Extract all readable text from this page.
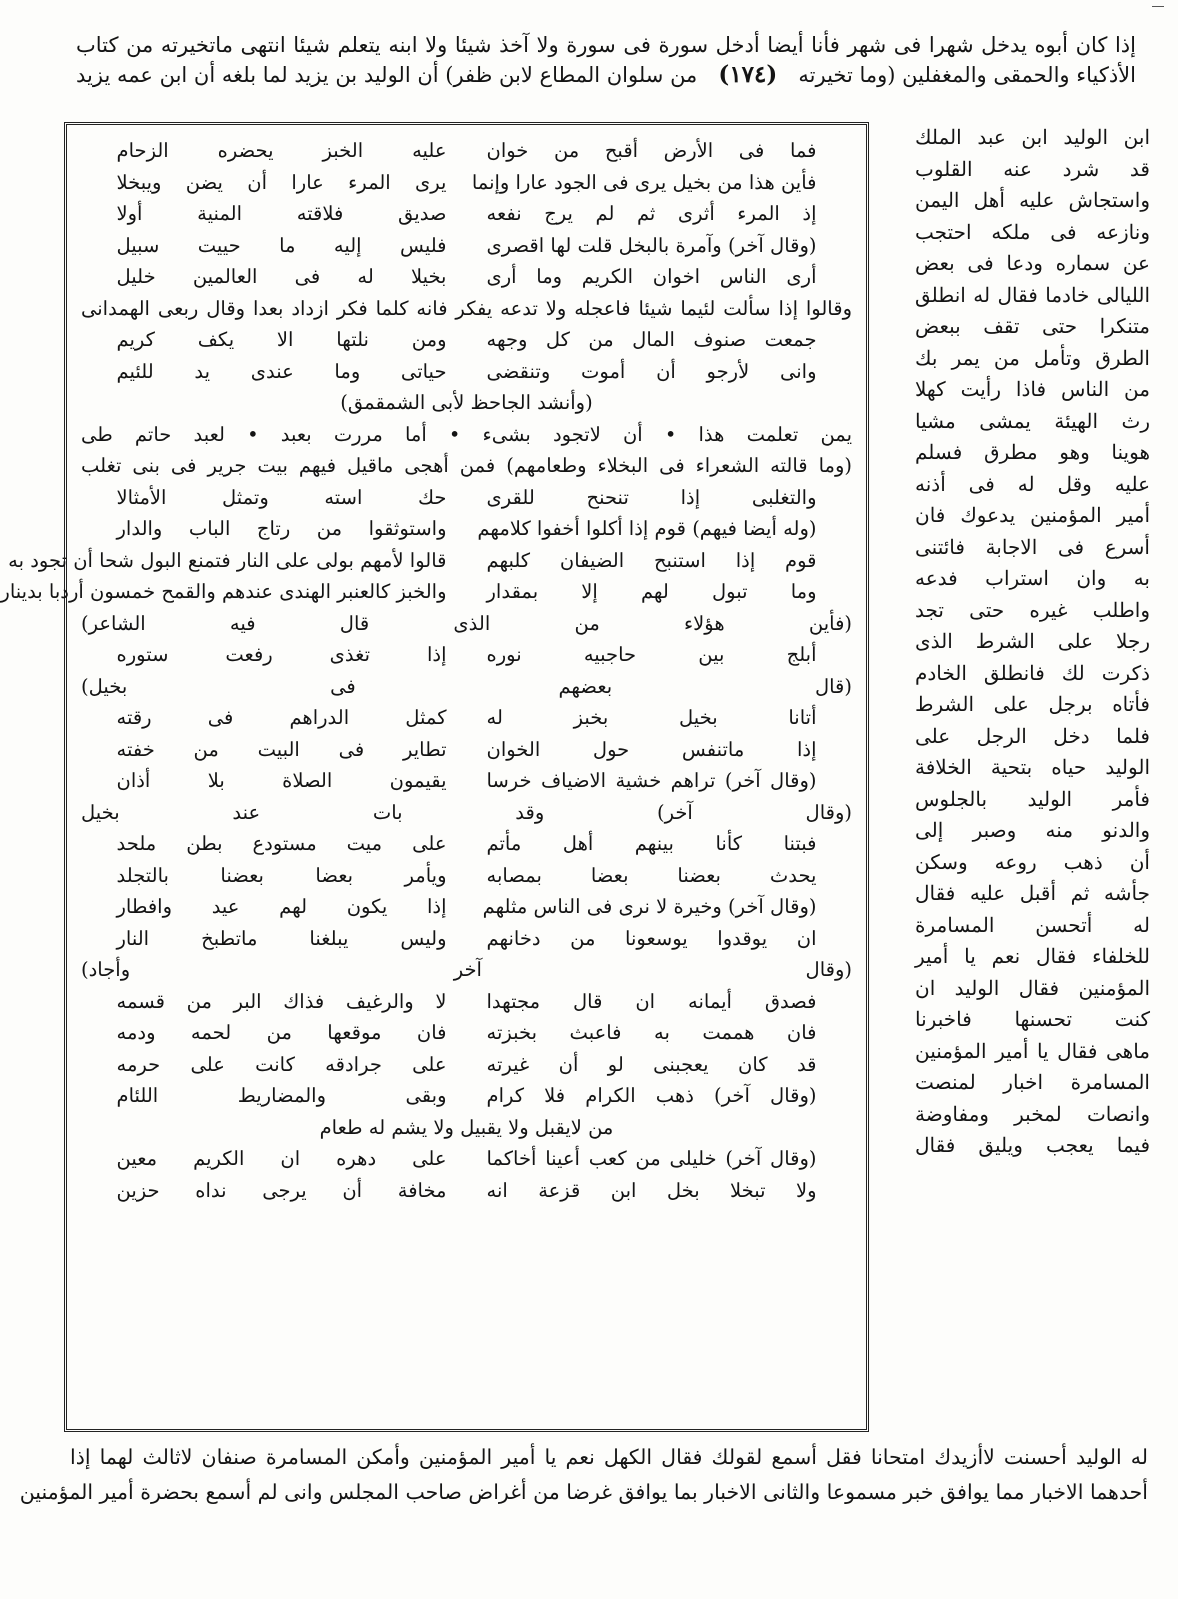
إذا كان أبوه يدخل شهرا فى شهر فأنا أيضا أدخل سورة فى سورة ولا آخذ شيئا ولا ابنه يتعلم شيئا انتهى ماتخيرته من كتاب
الأذكياء والحمقى والمغفلين (وما تخيرته
(١٧٤)
من سلوان المطاع لابن ظفر) أن الوليد بن يزيد لما بلغه أن ابن عمه يزيد
ابن الوليد ابن عبد الملك
قد شرد عنه القلوب
واستجاش عليه أهل اليمن
ونازعه فى ملكه احتجب
عن سماره ودعا فى بعض
الليالى خادما فقال له انطلق
متنكرا حتى تقف ببعض
الطرق وتأمل من يمر بك
من الناس فاذا رأيت كهلا
رث الهيئة يمشى مشيا
هوينا وهو مطرق فسلم
عليه وقل له فى أذنه
أمير المؤمنين يدعوك فان
أسرع فى الاجابة فائتنى
به وان استراب فدعه
واطلب غيره حتى تجد
رجلا على الشرط الذى
ذكرت لك فانطلق الخادم
فأتاه برجل على الشرط
فلما دخل الرجل على
الوليد حياه بتحية الخلافة
فأمر الوليد بالجلوس
والدنو منه وصبر إلى
أن ذهب روعه وسكن
جأشه ثم أقبل عليه فقال
له أتحسن المسامرة
للخلفاء فقال نعم يا أمير
المؤمنين فقال الوليد ان
كنت تحسنها فاخبرنا
ماهى فقال يا أمير المؤمنين
المسامرة اخبار لمنصت
وانصات لمخبر ومفاوضة
فيما يعجب ويليق فقال
فما فى الأرض أقبح من خوان
عليه الخبز يحضره الزحام
فأين هذا من بخيل يرى فى الجود عارا وإنما
يرى المرء عارا أن يضن ويبخلا
إذ المرء أثرى ثم لم يرج نفعه
صديق فلاقته المنية أولا
(وقال آخر) وآمرة بالبخل قلت لها اقصرى
فليس إليه ما حييت سبيل
أرى الناس اخوان الكريم وما أرى
بخيلا له فى العالمين خليل
وقالوا إذا سألت لئيما شيئا فاعجله ولا تدعه يفكر فانه كلما فكر ازداد بعدا وقال ربعى الهمدانى
جمعت صنوف المال من كل وجهه
ومن نلتها الا يكف كريم
وانى لأرجو أن أموت وتنقضى
حياتى وما عندى يد للئيم
(وأنشد الجاحظ لأبى الشمقمق)
يمن تعلمت هذا • أن لاتجود بشىء • أما مررت بعبد • لعبد حاتم طى
(وما قالته الشعراء فى البخلاء وطعامهم) فمن أهجى ماقيل فيهم بيت جرير فى بنى تغلب
والتغلبى إذا تنحنح للقرى
حك استه وتمثل الأمثالا
(وله أيضا فيهم) قوم إذا أكلوا أخفوا كلامهم
واستوثقوا من رتاج الباب والدار
قوم إذا استنبح الضيفان كلبهم
قالوا لأمهم بولى على النار فتمنع البول شحا أن تجود به
وما تبول لهم إلا بمقدار
والخبز كالعنبر الهندى عندهم والقمح خمسون أردبا بدينار
(فأين هؤلاء من الذى قال فيه الشاعر)
أبلج بين حاجبيه نوره
إذا تغذى رفعت ستوره
(قال بعضهم فى بخيل)
أتانا بخيل بخبز له
كمثل الدراهم فى رقته
إذا ماتنفس حول الخوان
تطاير فى البيت من خفته
(وقال آخر) تراهم خشية الاضياف خرسا
يقيمون الصلاة بلا أذان
(وقال آخر) وقد بات عند بخيل
فبتنا كأنا بينهم أهل مأتم
على ميت مستودع بطن ملحد
يحدث بعضنا بعضا بمصابه
ويأمر بعضا بعضنا بالتجلد
(وقال آخر) وخيرة لا نرى فى الناس مثلهم
إذا يكون لهم عيد وافطار
ان يوقدوا يوسعونا من دخانهم
وليس يبلغنا ماتطبخ النار
(وقال آخر وأجاد)
فصدق أيمانه ان قال مجتهدا
لا والرغيف فذاك البر من قسمه
فان هممت به فاعبث بخبزته
فان موقعها من لحمه ودمه
قد كان يعجبنى لو أن غيرته
على جرادقه كانت على حرمه
(وقال آخر) ذهب الكرام فلا كرام
وبقى والمضاريط اللئام
من لايقبل ولا يقبيل ولا يشم له طعام
(وقال آخر) خليلى من كعب أعينا أخاكما
على دهره ان الكريم معين
ولا تبخلا بخل ابن قزعة انه
مخافة أن يرجى نداه حزين
له الوليد أحسنت لاأزيدك امتحانا فقل أسمع لقولك فقال الكهل نعم يا أمير المؤمنين وأمكن المسامرة صنفان لاثالث لهما إذا
أحدهما الاخبار مما يوافق خبر مسموعا والثانى الاخبار بما يوافق غرضا من أغراض صاحب المجلس وانى لم أسمع بحضرة أمير المؤمنين
